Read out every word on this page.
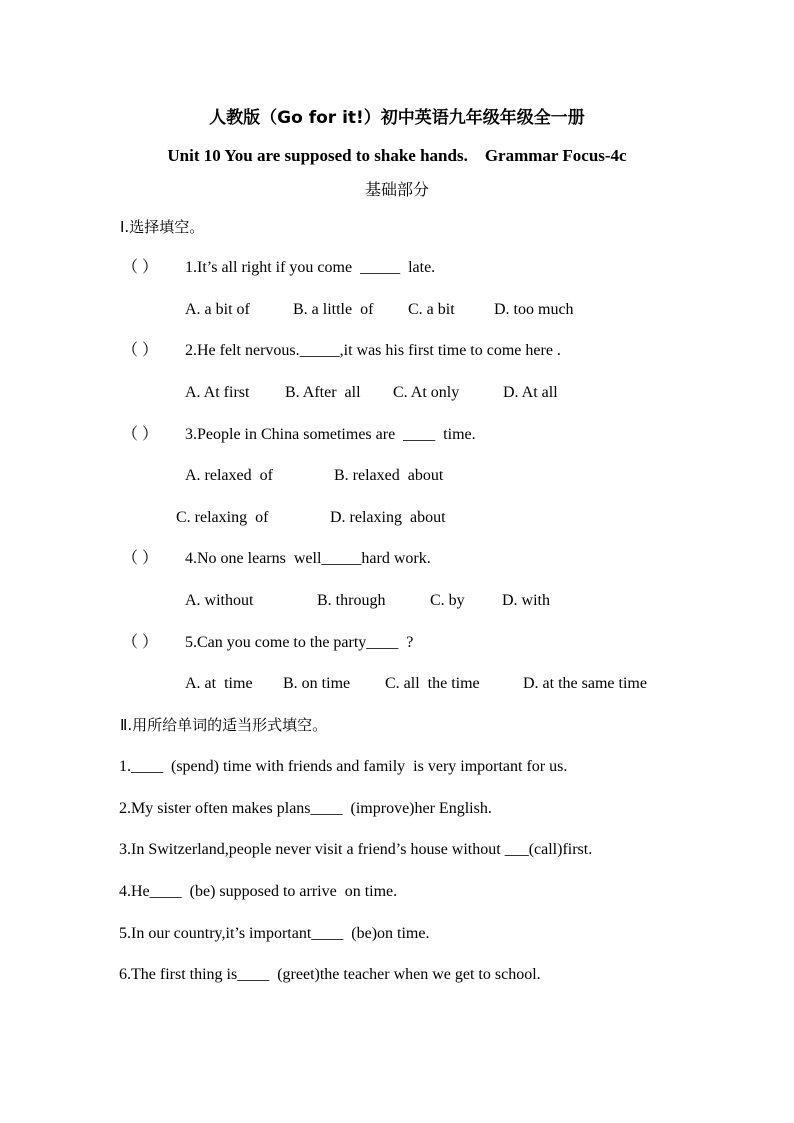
人教版（Go for it!）初中英语九年级年级全一册
Unit 10 You are supposed to shake hands.    Grammar Focus-4c
基础部分
Ⅰ.选择填空。
（ ） 1.It’s all right if you come  _____  late.
A. a bit of	B. a little  of C. a bit D. too much
（ ） 2.He felt nervous._____,it was his first time to come here .
A. At first B. After  all C. At only	D. At all
（ ） 3.People in China sometimes are  ____  time.
A. relaxed  of	B. relaxed  about
C. relaxing  of	D. relaxing  about
（ ） 4.No one learns  well_____hard work.
A. without	B. through	C. by D. with
（ ） 5.Can you come to the party____  ?
A. at  time B. on time C. all  the time	D. at the same time
Ⅱ.用所给单词的适当形式填空。
1.____  (spend) time with friends and family  is very important for us.
2.My sister often makes plans____  (improve)her English.
3.In Switzerland,people never visit a friend’s house without ___(call)first.
4.He____  (be) supposed to arrive  on time.
5.In our country,it’s important____  (be)on time.
6.The first thing is____  (greet)the teacher when we get to school.
